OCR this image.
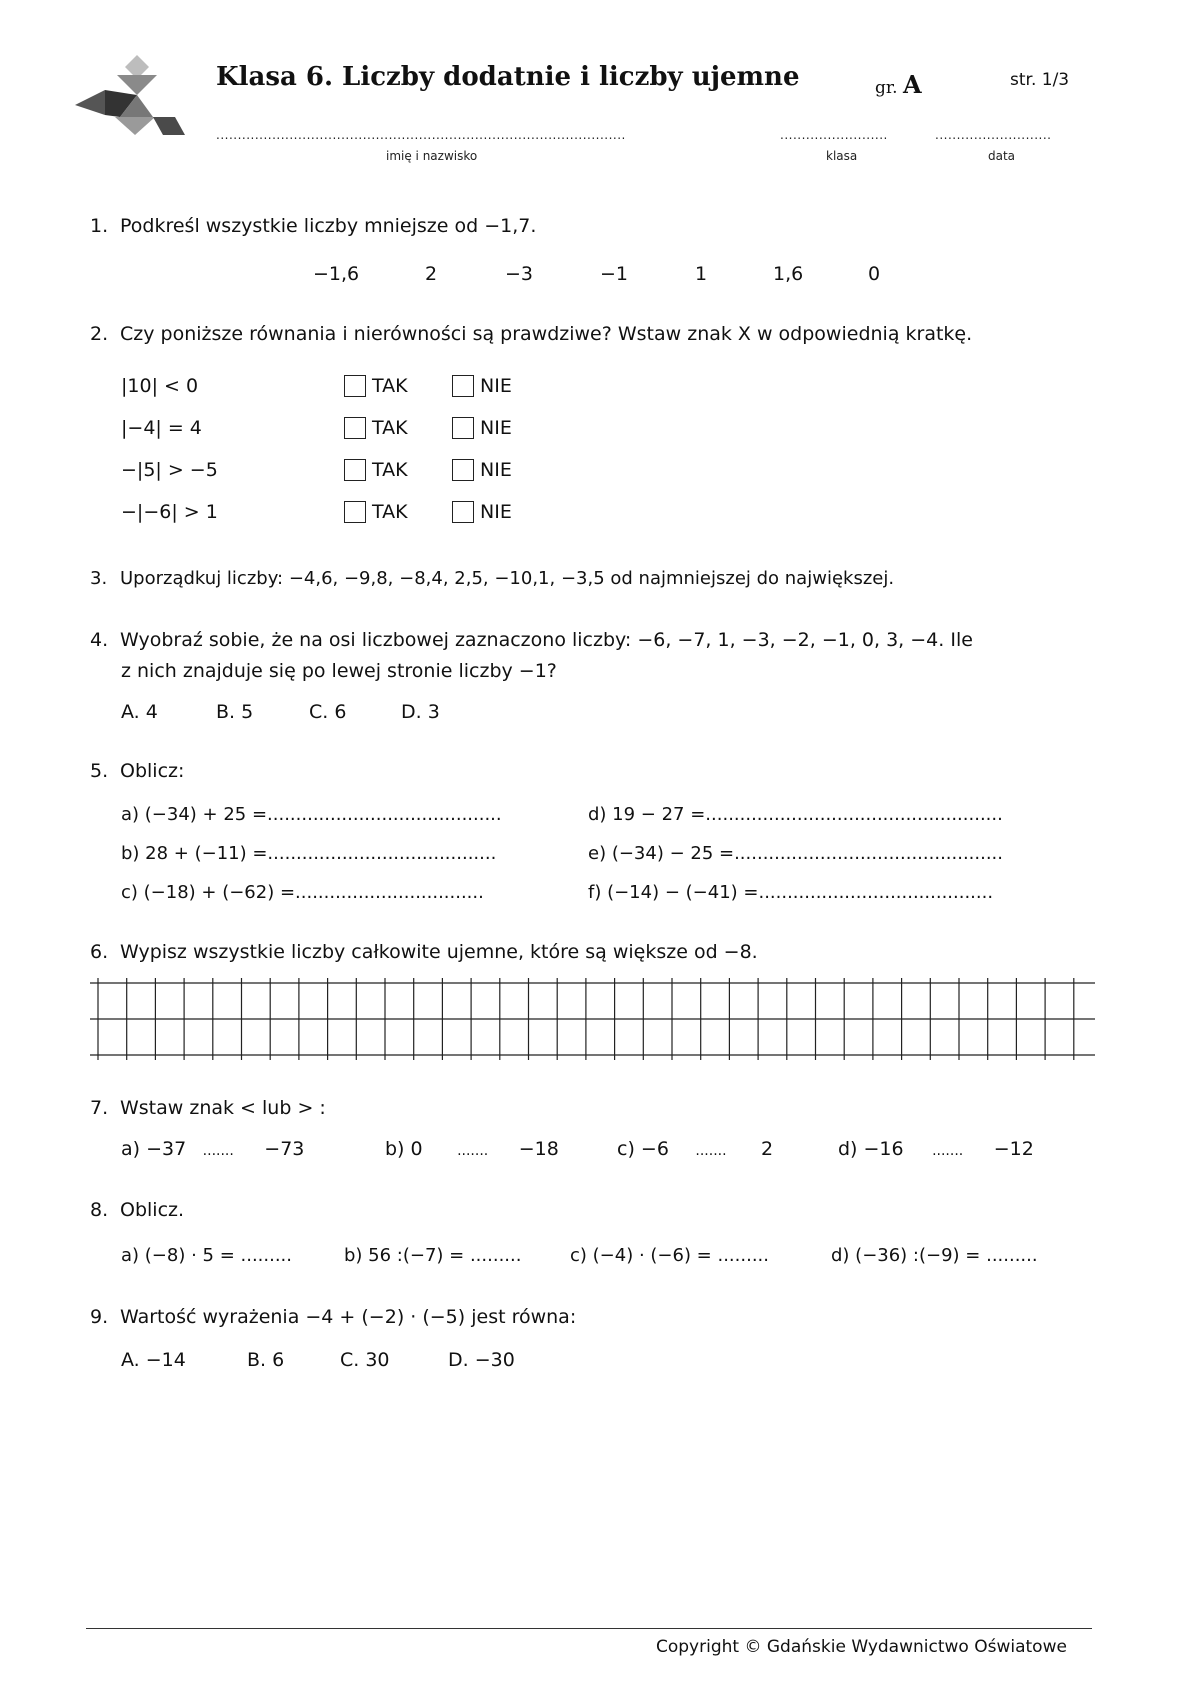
Klasa 6. Liczby dodatnie i liczby ujemne	gr. A	str. 1/3
...............................................................................................	.........................	...........................
imię i nazwisko	klasa	data
1. Podkreśl wszystkie liczby mniejsze od −1,7.
−1,6	2	−3	−1	1	1,6	0
2. Czy poniższe równania i nierówności są prawdziwe? Wstaw znak X w odpowiednią kratkę.
|10| < 0	TAK	NIE
|−4| = 4	TAK	NIE
−|5| > −5	TAK	NIE
−|−6| > 1	TAK	NIE
3. Uporządkuj liczby: −4,6, −9,8, −8,4, 2,5, −10,1, −3,5 od najmniejszej do największej.
4. Wyobraź sobie, że na osi liczbowej zaznaczono liczby: −6, −7, 1, −3, −2, −1, 0, 3, −4. Ile
z nich znajduje się po lewej stronie liczby −1?
A. 4	B. 5	C. 6	D. 3
5. Oblicz:
a) (−34) + 25 =.........................................
b) 28 + (−11) =........................................
c) (−18) + (−62) =.................................
d) 19 − 27 =....................................................
e) (−34) − 25 =...............................................
f) (−14) − (−41) =.........................................
6. Wypisz wszystkie liczby całkowite ujemne, które są większe od −8.
7. Wstaw znak < lub > :
a) −37 ....... −73	b) 0 ....... −18	c) −6 ....... 2	d) −16 ....... −12
8. Oblicz.
a) (−8) · 5 = .........	b) 56 :(−7) = .........	c) (−4) · (−6) = .........	d) (−36) :(−9) = .........
9. Wartość wyrażenia −4 + (−2) · (−5) jest równa:
A. −14	B. 6	C. 30	D. −30
Copyright © Gdańskie Wydawnictwo Oświatowe
